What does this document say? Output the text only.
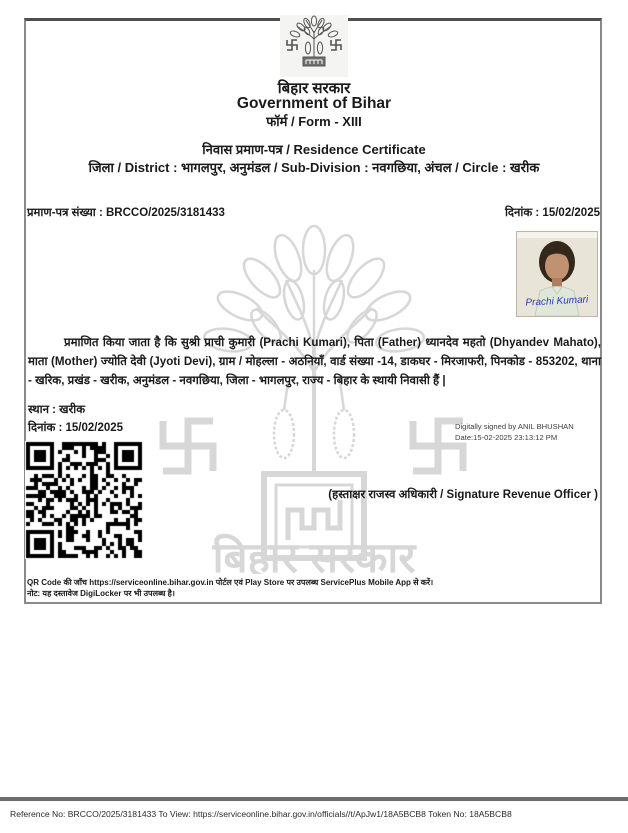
बिहार सरकार
बिहार सरकार
Government of Bihar
फॉर्म / Form - XIII
निवास प्रमाण-पत्र / Residence Certificate
जिला / District : भागलपुर, अनुमंडल / Sub-Division : नवगछिया, अंचल / Circle : खरीक
प्रमाण-पत्र संख्या : BRCCO/2025/3181433	दिनांक : 15/02/2025
Prachi Kumari
प्रमाणित किया जाता है कि सुश्री प्राची कुमारी (Prachi Kumari), पिता (Father) ध्यानदेव महतो (Dhyandev Mahato), माता (Mother) ज्योति देवी (Jyoti Devi), ग्राम / मोहल्ला - अठनियाँ, वार्ड संख्या -14, डाकघर - मिरजाफरी, पिनकोड - 853202, थाना - खरिक, प्रखंड - खरीक, अनुमंडल - नवगछिया, जिला - भागलपुर, राज्य - बिहार के स्थायी निवासी हैं |
स्थान : खरीक
दिनांक : 15/02/2025	Digitally signed by ANIL BHUSHAN
Date:15-02-2025 23:13:12 PM
(हस्ताक्षर राजस्व अधिकारी / Signature Revenue Officer )
QR Code की जाँच https://serviceonline.bihar.gov.in पोर्टल एवं Play Store पर उपलब्ध ServicePlus Mobile App से करें।
नोट: यह दस्तावेज DigiLocker पर भी उपलब्ध है।
Reference No: BRCCO/2025/3181433 To View: https://serviceonline.bihar.gov.in/officials//t/ApJw1/18A5BCB8 Token No: 18A5BCB8
